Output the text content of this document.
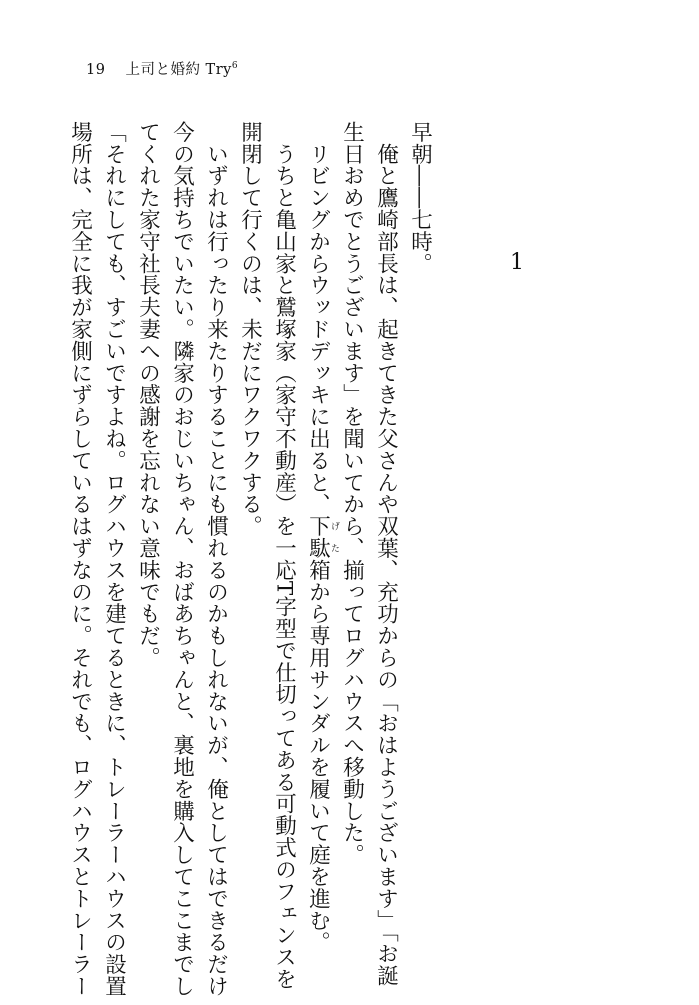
19 上司と婚約 Try$^6$
1
早朝――七時。
　俺と鷹崎部長は、起きてきた父さんや双葉、充功からの「おはようございます」「お誕
生日おめでとうございます」を聞いてから、揃ってログハウスへ移動した。
　リビングからウッドデッキに出ると、下駄げた箱から専用サンダルを履いて庭を進む。
　うちと亀山家と鷲塚家（家守不動産）を一応T字型で仕切ってある可動式のフェンスを
開閉して行くのは、未だにワクワクする。
　いずれは行ったり来たりすることにも慣れるのかもしれないが、俺としてはできるだけ
今の気持ちでいたい。隣家のおじいちゃん、おばあちゃんと、裏地を購入してここまでし
てくれた家守社長夫妻への感謝を忘れない意味でもだ。
「それにしても、すごいですよね。ログハウスを建てるときに、トレーラーハウスの設置
場所は、完全に我が家側にずらしているはずなのに。それでも、ログハウスとトレーラー
